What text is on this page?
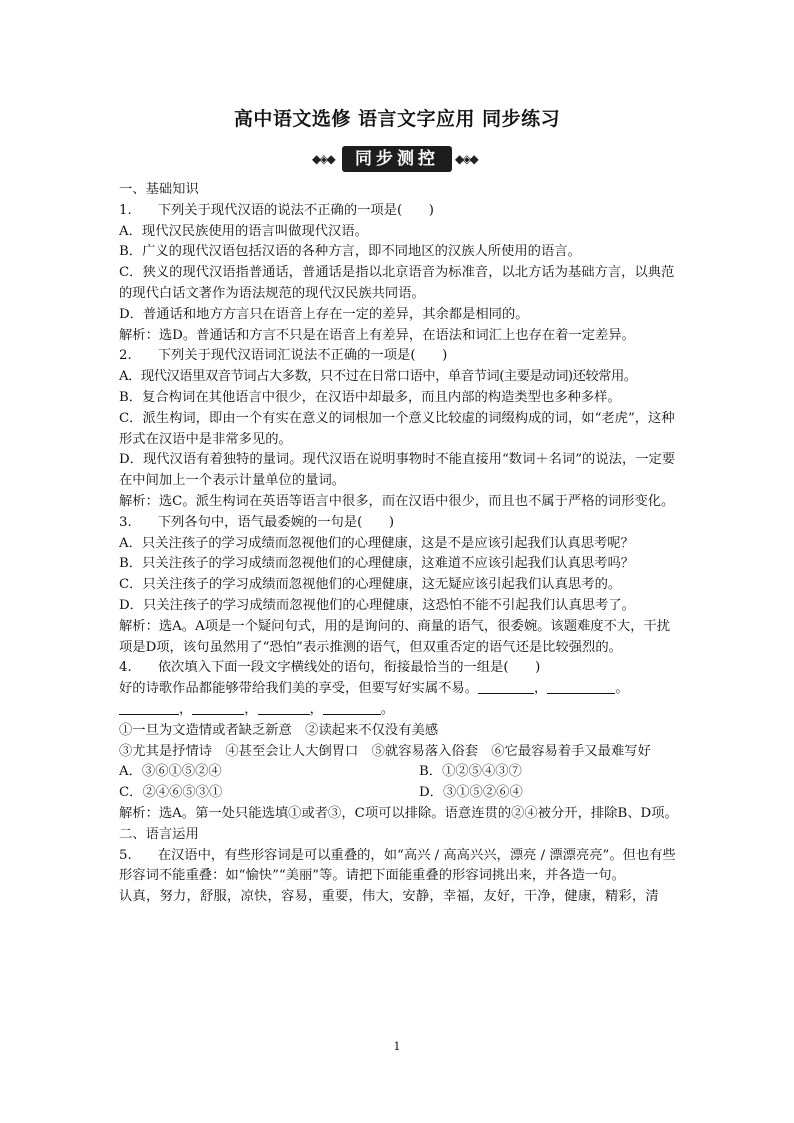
高中语文选修 语言文字应用 同步练习
◆◈◆	同步测控	◆◈◆

一、基础知识

1. 下列关于现代汉语的说法不正确的一项是(　　)

A．现代汉民族使用的语言叫做现代汉语。

B．广义的现代汉语包括汉语的各种方言，即不同地区的汉族人所使用的语言。

C．狭义的现代汉语指普通话，普通话是指以北京语音为标准音，以北方话为基础方言，以典范的现代白话文著作为语法规范的现代汉民族共同语。

D．普通话和地方方言只在语音上存在一定的差异，其余都是相同的。

解析：选D。普通话和方言不只是在语音上有差异，在语法和词汇上也存在着一定差异。

2. 下列关于现代汉语词汇说法不正确的一项是(　　)

A．现代汉语里双音节词占大多数，只不过在日常口语中，单音节词(主要是动词)还较常用。

B．复合构词在其他语言中很少，在汉语中却最多，而且内部的构造类型也多种多样。

C．派生构词，即由一个有实在意义的词根加一个意义比较虚的词缀构成的词，如“老虎”，这种形式在汉语中是非常多见的。

D．现代汉语有着独特的量词。现代汉语在说明事物时不能直接用“数词＋名词”的说法，一定要在中间加上一个表示计量单位的量词。

解析：选C。派生构词在英语等语言中很多，而在汉语中很少，而且也不属于严格的词形变化。

3. 下列各句中，语气最委婉的一句是(　　)

A．只关注孩子的学习成绩而忽视他们的心理健康，这是不是应该引起我们认真思考呢？

B．只关注孩子的学习成绩而忽视他们的心理健康，这难道不应该引起我们认真思考吗？

C．只关注孩子的学习成绩而忽视他们的心理健康，这无疑应该引起我们认真思考的。

D．只关注孩子的学习成绩而忽视他们的心理健康，这恐怕不能不引起我们认真思考了。

解析：选A。A项是一个疑问句式，用的是询问的、商量的语气，很委婉。该题难度不大，干扰项是D项，该句虽然用了“恐怕”表示推测的语气，但双重否定的语气还是比较强烈的。

4. 依次填入下面一段文字横线处的语句，衔接最恰当的一组是(　　)

好的诗歌作品都能够带给我们美的享受，但要写好实属不易。	，	。

，	，	，	。

①一旦为文造情或者缺乏新意　②读起来不仅没有美感

③尤其是抒情诗　④甚至会让人大倒胃口　⑤就容易落入俗套　⑥它最容易着手又最难写好

A．③⑥①⑤②④	B．①②⑤④③⑦

C．②④⑥⑤③①	D．③①⑤②⑥④

解析：选A。第一处只能选填①或者③，C项可以排除。语意连贯的②④被分开，排除B、D项。

二、语言运用

5. 在汉语中，有些形容词是可以重叠的，如“高兴 / 高高兴兴，漂亮 / 漂漂亮亮”。但也有些形容词不能重叠：如“愉快”“美丽”等。请把下面能重叠的形容词挑出来，并各造一句。

认真，努力，舒服，凉快，容易，重要，伟大，安静，幸福，友好，干净，健康，精彩，清

1
